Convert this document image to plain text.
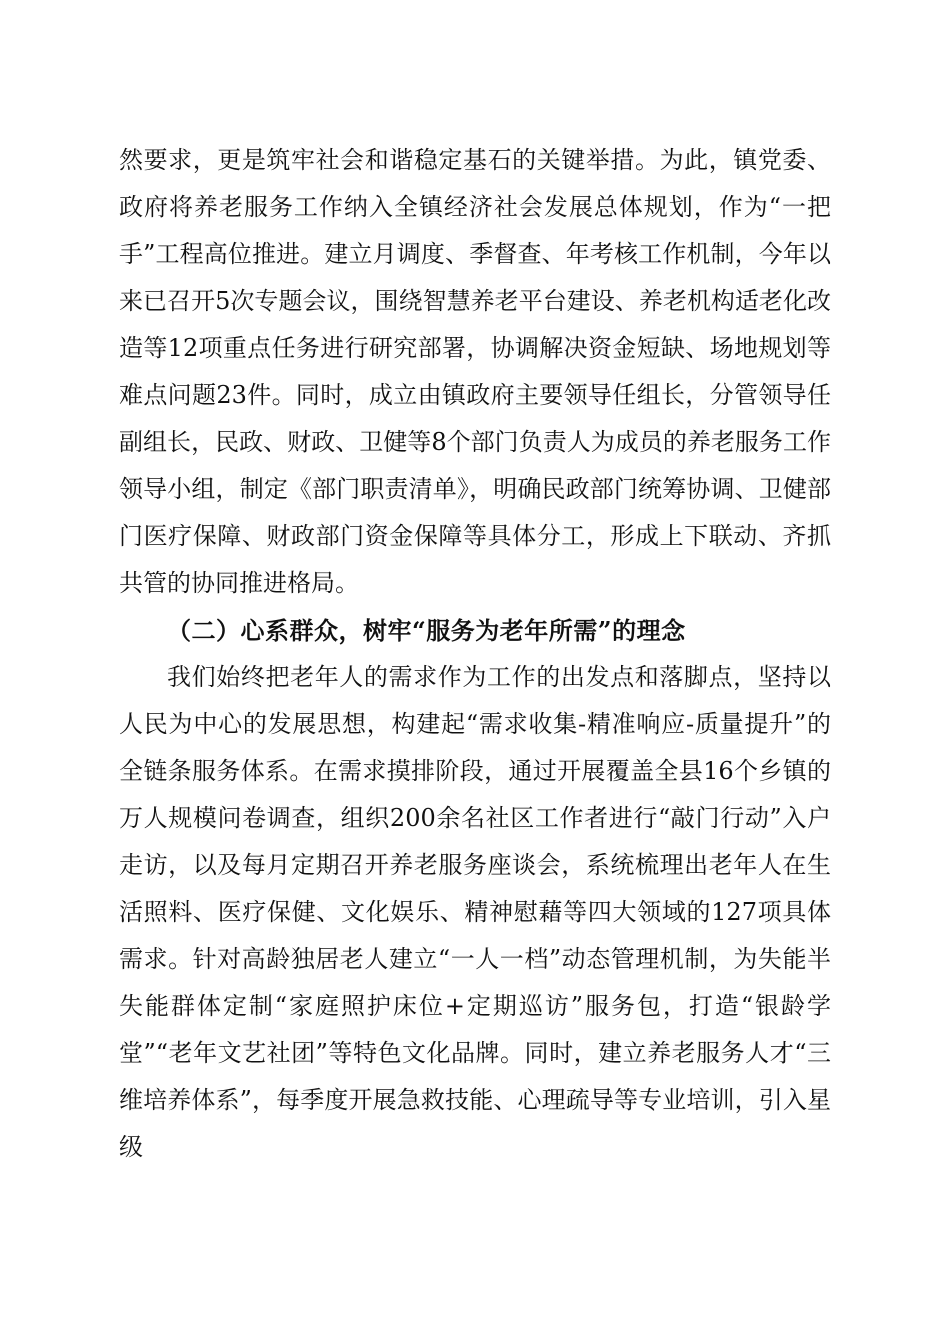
然要求，更是筑牢社会和谐稳定基石的关键举措。为此，镇党委、政府将养老服务工作纳入全镇经济社会发展总体规划，作为“一把手”工程高位推进。建立月调度、季督查、年考核工作机制，今年以来已召开5次专题会议，围绕智慧养老平台建设、养老机构适老化改造等12项重点任务进行研究部署，协调解决资金短缺、场地规划等难点问题23件。同时，成立由镇政府主要领导任组长，分管领导任副组长，民政、财政、卫健等8个部门负责人为成员的养老服务工作领导小组，制定《部门职责清单》，明确民政部门统筹协调、卫健部门医疗保障、财政部门资金保障等具体分工，形成上下联动、齐抓共管的协同推进格局。

（二）心系群众，树牢“服务为老年所需”的理念

我们始终把老年人的需求作为工作的出发点和落脚点，坚持以人民为中心的发展思想，构建起“需求收集-精准响应-质量提升”的全链条服务体系。在需求摸排阶段，通过开展覆盖全县16个乡镇的万人规模问卷调查，组织200余名社区工作者进行“敲门行动”入户走访，以及每月定期召开养老服务座谈会，系统梳理出老年人在生活照料、医疗保健、文化娱乐、精神慰藉等四大领域的127项具体需求。针对高龄独居老人建立“一人一档”动态管理机制，为失能半失能群体定制“家庭照护床位+定期巡访”服务包，打造“银龄学堂”“老年文艺社团”等特色文化品牌。同时，建立养老服务人才“三维培养体系”，每季度开展急救技能、心理疏导等专业培训，引入星级
